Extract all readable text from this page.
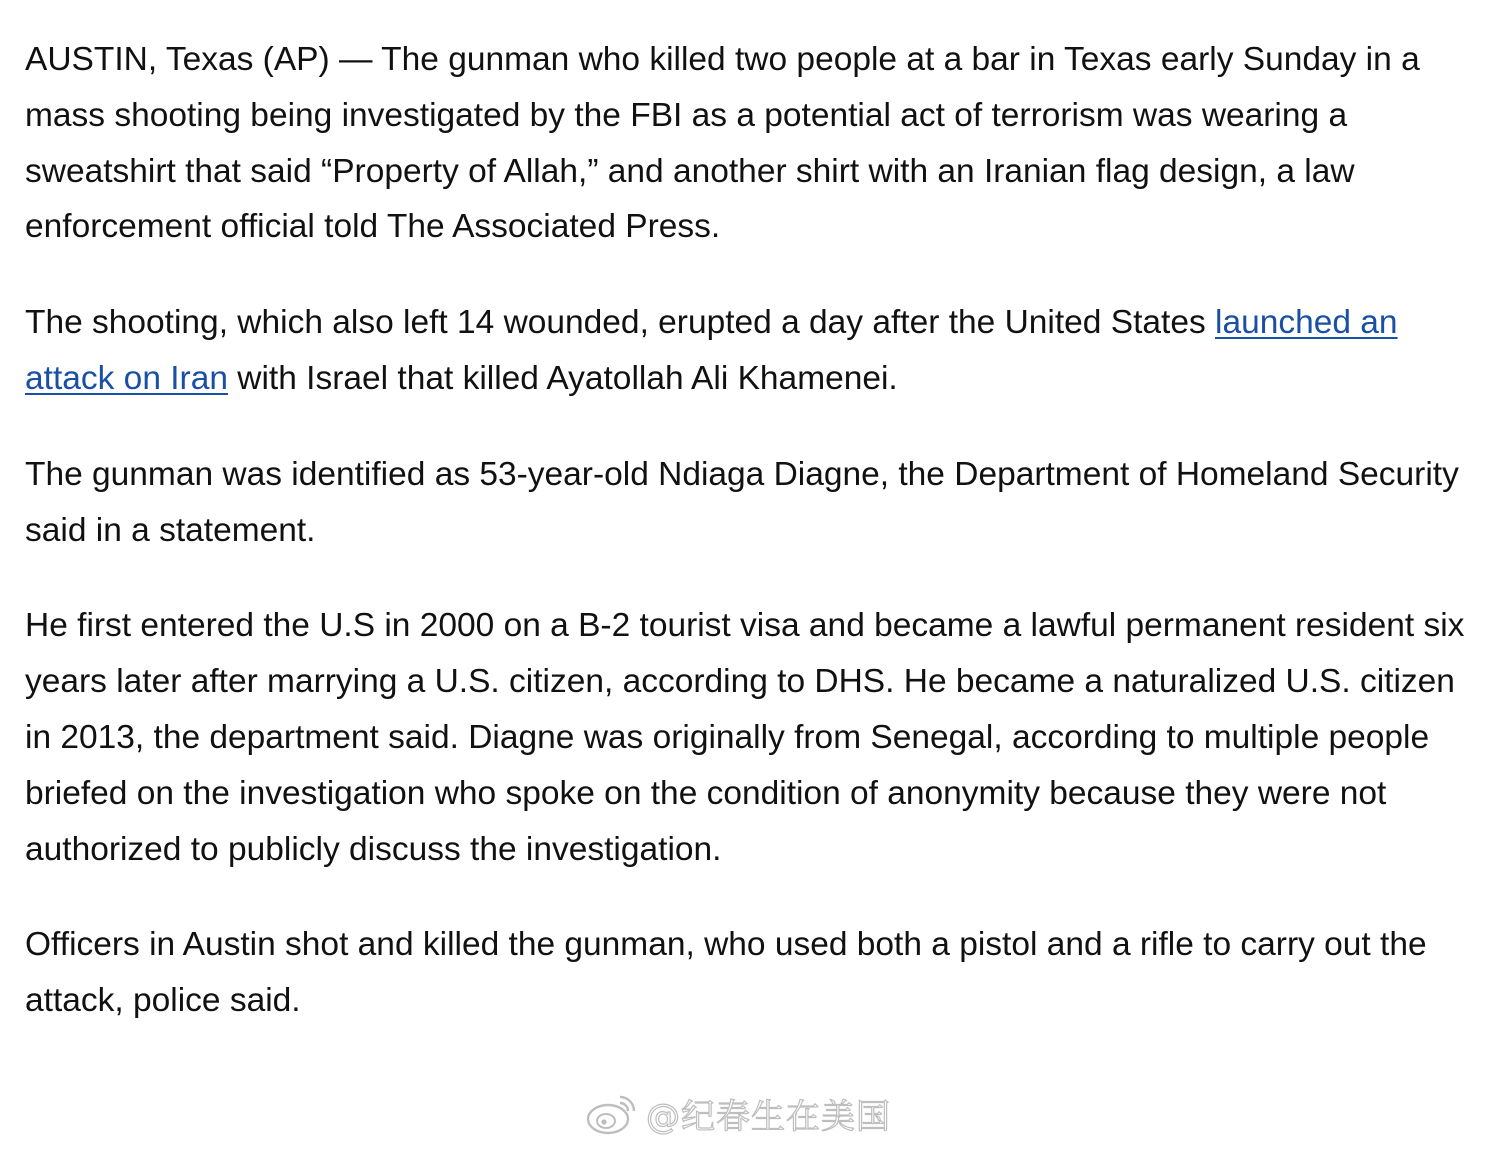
AUSTIN, Texas (AP) — The gunman who killed two people at a bar in Texas early Sunday in a mass shooting being investigated by the FBI as a potential act of terrorism was wearing a sweatshirt that said “Property of Allah,” and another shirt with an Iranian flag design, a law enforcement official told The Associated Press.

The shooting, which also left 14 wounded, erupted a day after the United States launched an attack on Iran with Israel that killed Ayatollah Ali Khamenei.

The gunman was identified as 53-year-old Ndiaga Diagne, the Department of Homeland Security said in a statement.

He first entered the U.S in 2000 on a B-2 tourist visa and became a lawful permanent resident six years later after marrying a U.S. citizen, according to DHS. He became a naturalized U.S. citizen in 2013, the department said. Diagne was originally from Senegal, according to multiple people briefed on the investigation who spoke on the condition of anonymity because they were not authorized to publicly discuss the investigation.

Officers in Austin shot and killed the gunman, who used both a pistol and a rifle to carry out the attack, police said.

@纪春生在美国
